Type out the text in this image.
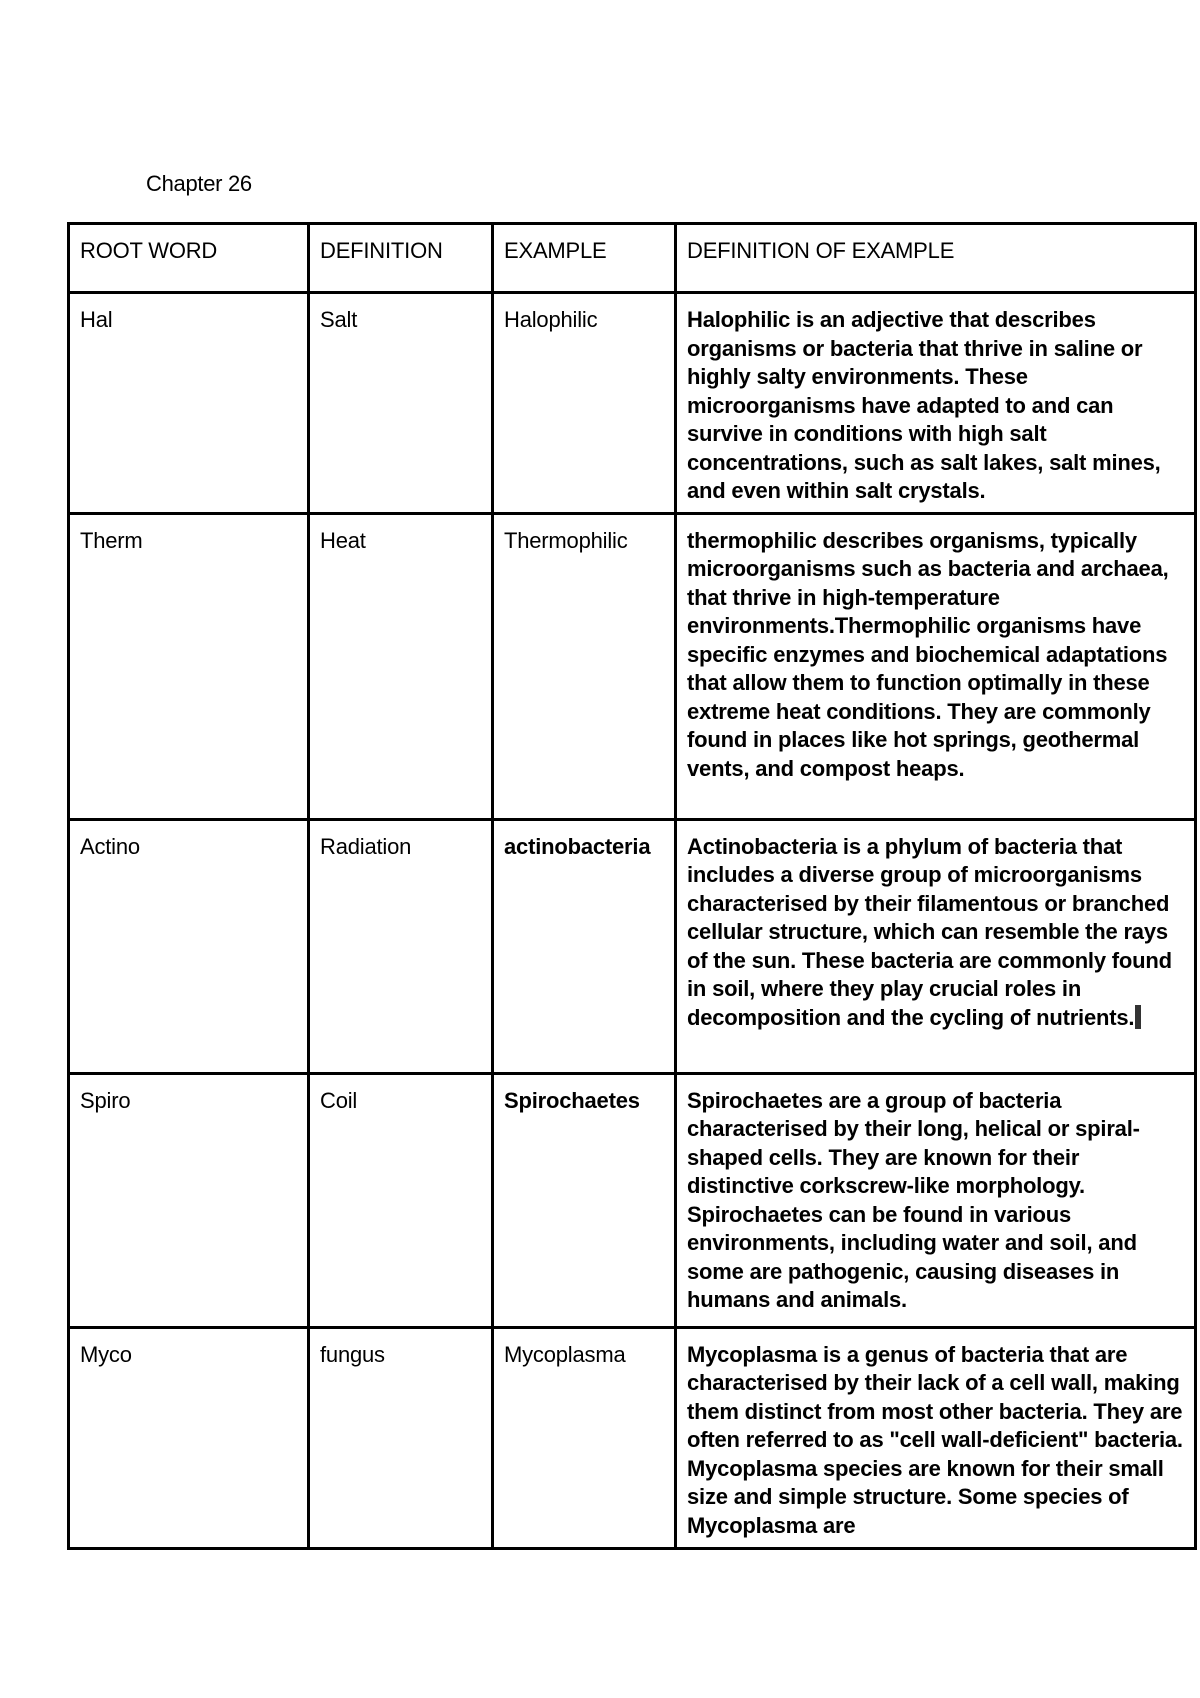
Chapter 26
ROOT WORD	DEFINITION	EXAMPLE	DEFINITION OF EXAMPLE
Hal	Salt	Halophilic	Halophilic is an adjective that describes organisms or bacteria that thrive in saline or highly salty environments. These microorganisms have adapted to and can survive in conditions with high salt concentrations, such as salt lakes, salt mines, and even within salt crystals.
Therm	Heat	Thermophilic	thermophilic describes organisms, typically microorganisms such as bacteria and archaea, that thrive in high-temperature environments.Thermophilic organisms have specific enzymes and biochemical adaptations that allow them to function optimally in these extreme heat conditions. They are commonly found in places like hot springs, geothermal vents, and compost heaps.
Actino	Radiation	actinobacteria	Actinobacteria is a phylum of bacteria that includes a diverse group of microorganisms characterised by their filamentous or branched cellular structure, which can resemble the rays of the sun. These bacteria are commonly found in soil, where they play crucial roles in decomposition and the cycling of nutrients.
Spiro	Coil	Spirochaetes	Spirochaetes are a group of bacteria characterised by their long, helical or spiral-shaped cells. They are known for their distinctive corkscrew-like morphology. Spirochaetes can be found in various environments, including water and soil, and some are pathogenic, causing diseases in humans and animals.
Myco	fungus	Mycoplasma	Mycoplasma is a genus of bacteria that are characterised by their lack of a cell wall, making them distinct from most other bacteria. They are often referred to as "cell wall-deficient" bacteria. Mycoplasma species are known for their small size and simple structure. Some species of Mycoplasma are
